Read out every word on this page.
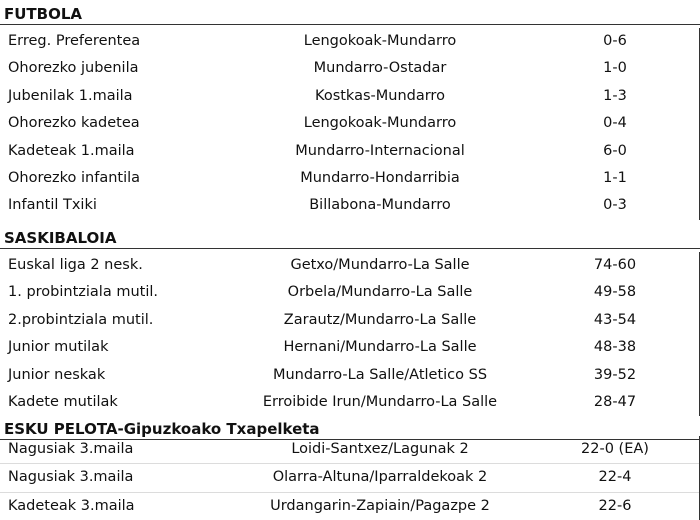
FUTBOLA
Erreg. Preferentea	Lengokoak-Mundarro	0-6
Ohorezko jubenila	Mundarro-Ostadar	1-0
Jubenilak 1.maila	Kostkas-Mundarro	1-3
Ohorezko kadetea	Lengokoak-Mundarro	0-4
Kadeteak 1.maila	Mundarro-Internacional	6-0
Ohorezko infantila	Mundarro-Hondarribia	1-1
Infantil Txiki	Billabona-Mundarro	0-3
SASKIBALOIA
Euskal liga 2 nesk.	Getxo/Mundarro-La Salle	74-60
1. probintziala mutil.	Orbela/Mundarro-La Salle	49-58
2.probintziala mutil.	Zarautz/Mundarro-La Salle	43-54
Junior mutilak	Hernani/Mundarro-La Salle	48-38
Junior neskak	Mundarro-La Salle/Atletico SS	39-52
Kadete mutilak	Erroibide Irun/Mundarro-La Salle	28-47
ESKU PELOTA-Gipuzkoako Txapelketa
Nagusiak 3.maila	Loidi-Santxez/Lagunak 2	22-0 (EA)
Nagusiak 3.maila	Olarra-Altuna/Iparraldekoak 2	22-4
Kadeteak 3.maila	Urdangarin-Zapiain/Pagazpe 2	22-6
